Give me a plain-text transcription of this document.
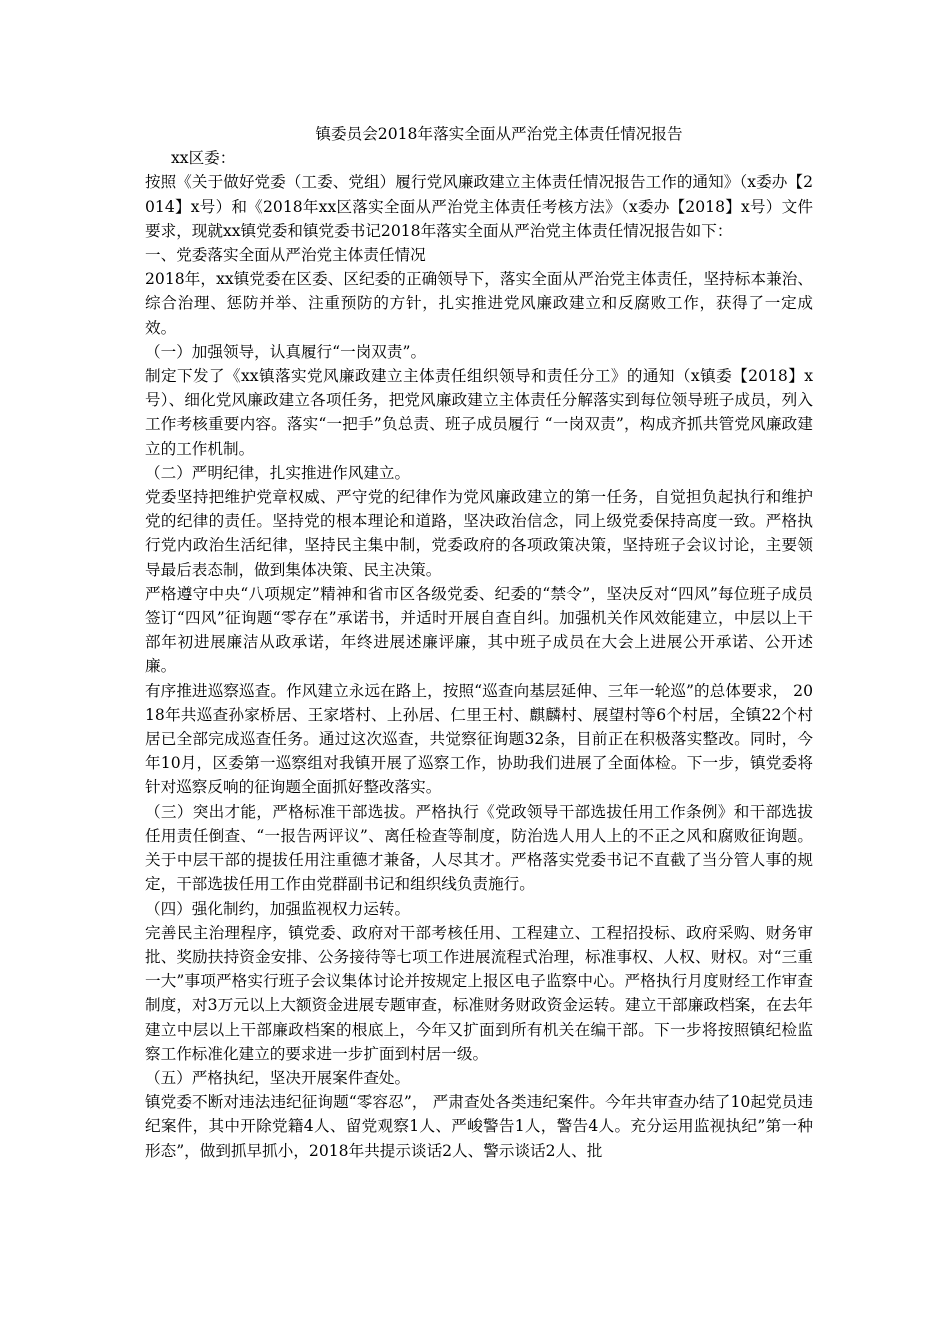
镇委员会2018年落实全面从严治党主体责任情况报告

xx区委：

按照《关于做好党委（工委、党组）履行党风廉政建立主体责任情况报告工作的通知》（x委办【2014】x号）和《2018年xx区落实全面从严治党主体责任考核方法》（x委办【2018】x号）文件要求，现就xx镇党委和镇党委书记2018年落实全面从严治党主体责任情况报告如下：

一、党委落实全面从严治党主体责任情况

2018年，xx镇党委在区委、区纪委的正确领导下，落实全面从严治党主体责任，坚持标本兼治、综合治理、惩防并举、注重预防的方针，扎实推进党风廉政建立和反腐败工作，获得了一定成效。

（一）加强领导，认真履行“一岗双责”。

制定下发了《xx镇落实党风廉政建立主体责任组织领导和责任分工》的通知（x镇委【2018】x号）、细化党风廉政建立各项任务，把党风廉政建立主体责任分解落实到每位领导班子成员，列入工作考核重要内容。落实“一把手”负总责、班子成员履行 “一岗双责”，构成齐抓共管党风廉政建立的工作机制。

（二）严明纪律，扎实推进作风建立。

党委坚持把维护党章权威、严守党的纪律作为党风廉政建立的第一任务，自觉担负起执行和维护党的纪律的责任。坚持党的根本理论和道路，坚决政治信念，同上级党委保持高度一致。严格执行党内政治生活纪律，坚持民主集中制，党委政府的各项政策决策，坚持班子会议讨论，主要领导最后表态制，做到集体决策、民主决策。

严格遵守中央“八项规定”精神和省市区各级党委、纪委的“禁令”，坚决反对“四风”每位班子成员签订“四风”征询题“零存在”承诺书，并适时开展自查自纠。加强机关作风效能建立，中层以上干部年初进展廉洁从政承诺，年终进展述廉评廉，其中班子成员在大会上进展公开承诺、公开述廉。

有序推进巡察巡查。作风建立永远在路上，按照“巡查向基层延伸、三年一轮巡”的总体要求， 2018年共巡查孙家桥居、王家塔村、上孙居、仁里王村、麒麟村、展望村等6个村居，全镇22个村居已全部完成巡查任务。通过这次巡查，共觉察征询题32条，目前正在积极落实整改。同时，今年10月，区委第一巡察组对我镇开展了巡察工作，协助我们进展了全面体检。下一步，镇党委将针对巡察反响的征询题全面抓好整改落实。

（三）突出才能，严格标准干部选拔。严格执行《党政领导干部选拔任用工作条例》和干部选拔任用责任倒查、“一报告两评议”、离任检查等制度，防治选人用人上的不正之风和腐败征询题。关于中层干部的提拔任用注重德才兼备，人尽其才。严格落实党委书记不直截了当分管人事的规定，干部选拔任用工作由党群副书记和组织线负责施行。

（四）强化制约，加强监视权力运转。

完善民主治理程序，镇党委、政府对干部考核任用、工程建立、工程招投标、政府采购、财务审批、奖励扶持资金安排、公务接待等七项工作进展流程式治理，标准事权、人权、财权。对“三重一大”事项严格实行班子会议集体讨论并按规定上报区电子监察中心。严格执行月度财经工作审查制度，对3万元以上大额资金进展专题审查，标准财务财政资金运转。建立干部廉政档案，在去年建立中层以上干部廉政档案的根底上，今年又扩面到所有机关在编干部。下一步将按照镇纪检监察工作标准化建立的要求进一步扩面到村居一级。

（五）严格执纪，坚决开展案件查处。

镇党委不断对违法违纪征询题“零容忍”， 严肃查处各类违纪案件。今年共审查办结了10起党员违纪案件，其中开除党籍4人、留党观察1人、严峻警告1人，警告4人。充分运用监视执纪”第一种形态”，做到抓早抓小，2018年共提示谈话2人、警示谈话2人、批
